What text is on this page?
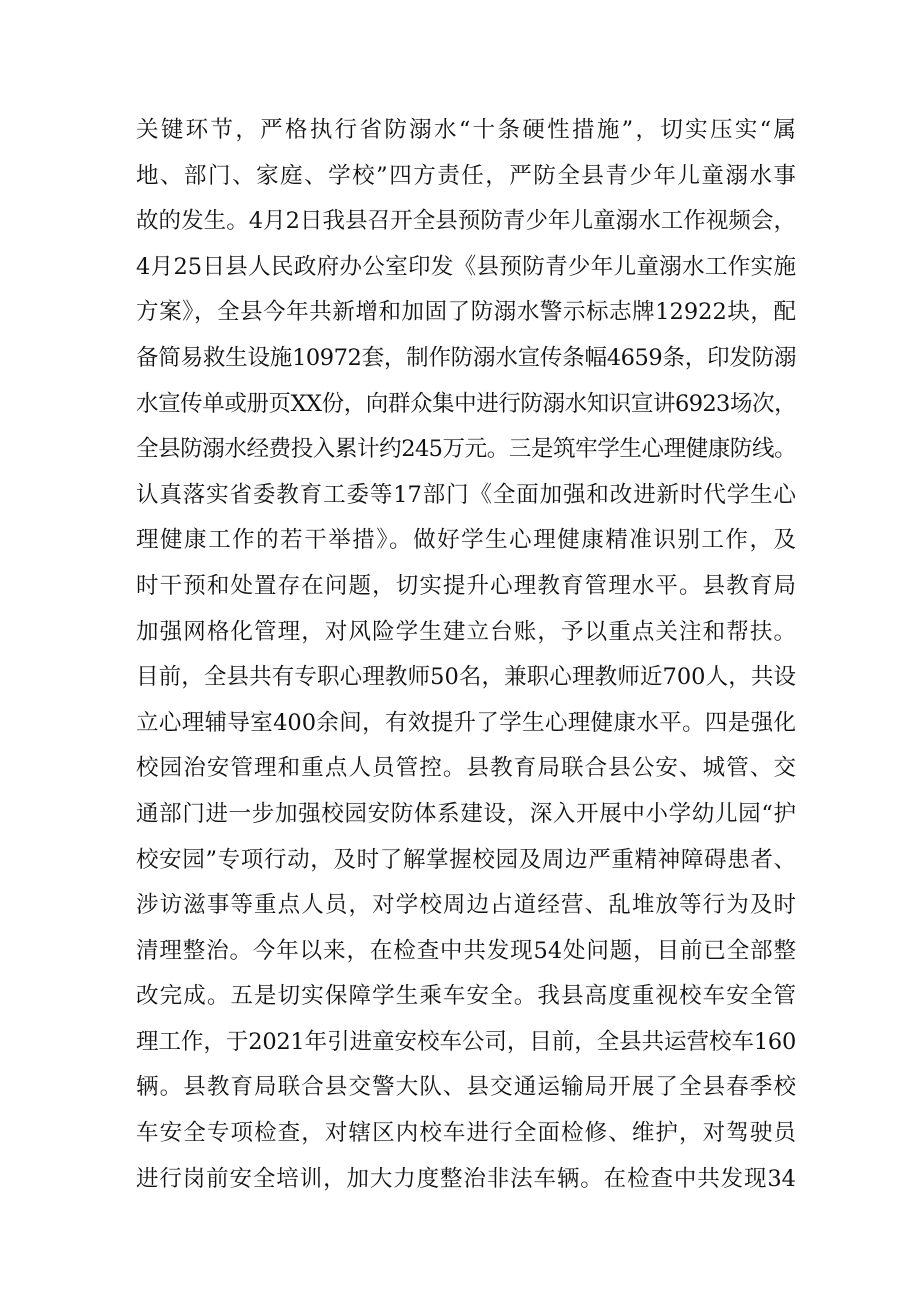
关键环节，严格执行省防溺水“十条硬性措施”，切实压实“属
地、部门、家庭、学校”四方责任，严防全县青少年儿童溺水事
故的发生。4月2日我县召开全县预防青少年儿童溺水工作视频会，
4月25日县人民政府办公室印发《县预防青少年儿童溺水工作实施
方案》，全县今年共新增和加固了防溺水警示标志牌12922块，配
备简易救生设施10972套，制作防溺水宣传条幅4659条，印发防溺
水宣传单或册页XX份，向群众集中进行防溺水知识宣讲6923场次，
全县防溺水经费投入累计约245万元。三是筑牢学生心理健康防线。
认真落实省委教育工委等17部门《全面加强和改进新时代学生心
理健康工作的若干举措》。做好学生心理健康精准识别工作，及
时干预和处置存在问题，切实提升心理教育管理水平。县教育局
加强网格化管理，对风险学生建立台账，予以重点关注和帮扶。
目前，全县共有专职心理教师50名，兼职心理教师近700人，共设
立心理辅导室400余间，有效提升了学生心理健康水平。四是强化
校园治安管理和重点人员管控。县教育局联合县公安、城管、交
通部门进一步加强校园安防体系建设，深入开展中小学幼儿园“护
校安园”专项行动，及时了解掌握校园及周边严重精神障碍患者、
涉访滋事等重点人员，对学校周边占道经营、乱堆放等行为及时
清理整治。今年以来，在检查中共发现54处问题，目前已全部整
改完成。五是切实保障学生乘车安全。我县高度重视校车安全管
理工作，于2021年引进童安校车公司，目前，全县共运营校车160
辆。县教育局联合县交警大队、县交通运输局开展了全县春季校
车安全专项检查，对辖区内校车进行全面检修、维护，对驾驶员
进行岗前安全培训，加大力度整治非法车辆。在检查中共发现34
